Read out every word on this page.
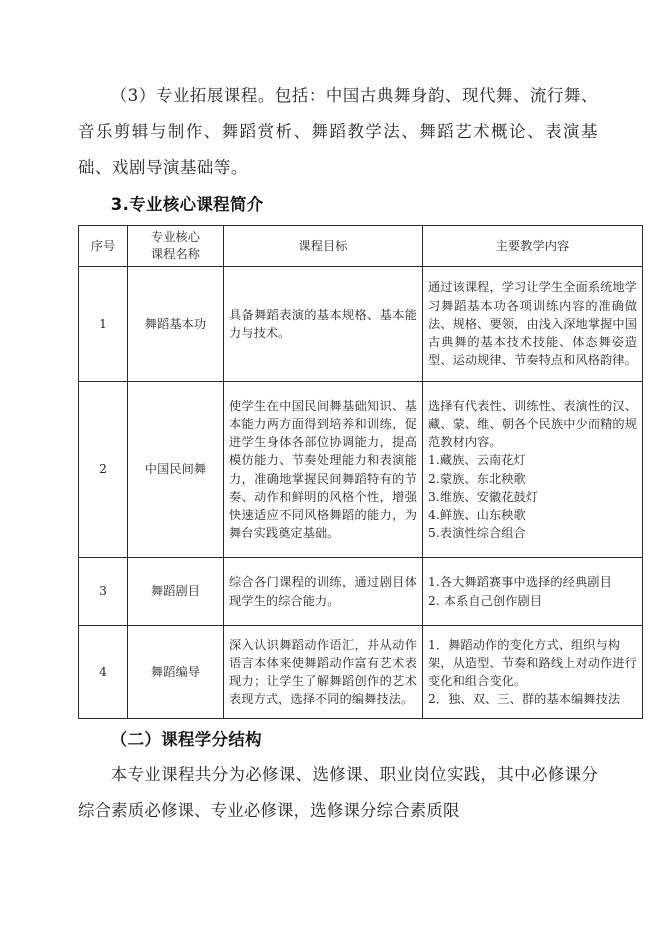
（3）专业拓展课程。包括：中国古典舞身韵、现代舞、流行舞、音乐剪辑与制作、舞蹈赏析、舞蹈教学法、舞蹈艺术概论、表演基础、戏剧导演基础等。

3.专业核心课程简介

序号	专业核心
课程名称	课程目标	主要教学内容

1	舞蹈基本功	具备舞蹈表演的基本规格、基本能力与技术。	通过该课程，学习让学生全面系统地学习舞蹈基本功各项训练内容的准确做法、规格、要领，由浅入深地掌握中国古典舞的基本技术技能、体态舞姿造型、运动规律、节奏特点和风格韵律。

2	中国民间舞	使学生在中国民间舞基础知识、基本能力两方面得到培养和训练，促进学生身体各部位协调能力，提高模仿能力、节奏处理能力和表演能力，准确地掌握民间舞蹈特有的节奏、动作和鲜明的风格个性，增强快速适应不同风格舞蹈的能力，为舞台实践奠定基础。	
选择有代表性、训练性、表演性的汉、藏、蒙、维、朝各个民族中少而精的规范教材内容。
1.藏族、云南花灯
2.蒙族、东北秧歌
3.维族、安徽花鼓灯
4.鲜族、山东秧歌
5.表演性综合组合

3	舞蹈剧目	综合各门课程的训练，通过剧目体现学生的综合能力。	1.各大舞蹈赛事中选择的经典剧目
2. 本系自己创作剧目

4	舞蹈编导	深入认识舞蹈动作语汇，并从动作语言本体来使舞蹈动作富有艺术表现力；让学生了解舞蹈创作的艺术表现方式，选择不同的编舞技法。	1．舞蹈动作的变化方式、组织与构架，从造型、节奏和路线上对动作进行变化和组合变化。
2．独、双、三、群的基本编舞技法

（二）课程学分结构

本专业课程共分为必修课、选修课、职业岗位实践，其中必修课分综合素质必修课、专业必修课，选修课分综合素质限
